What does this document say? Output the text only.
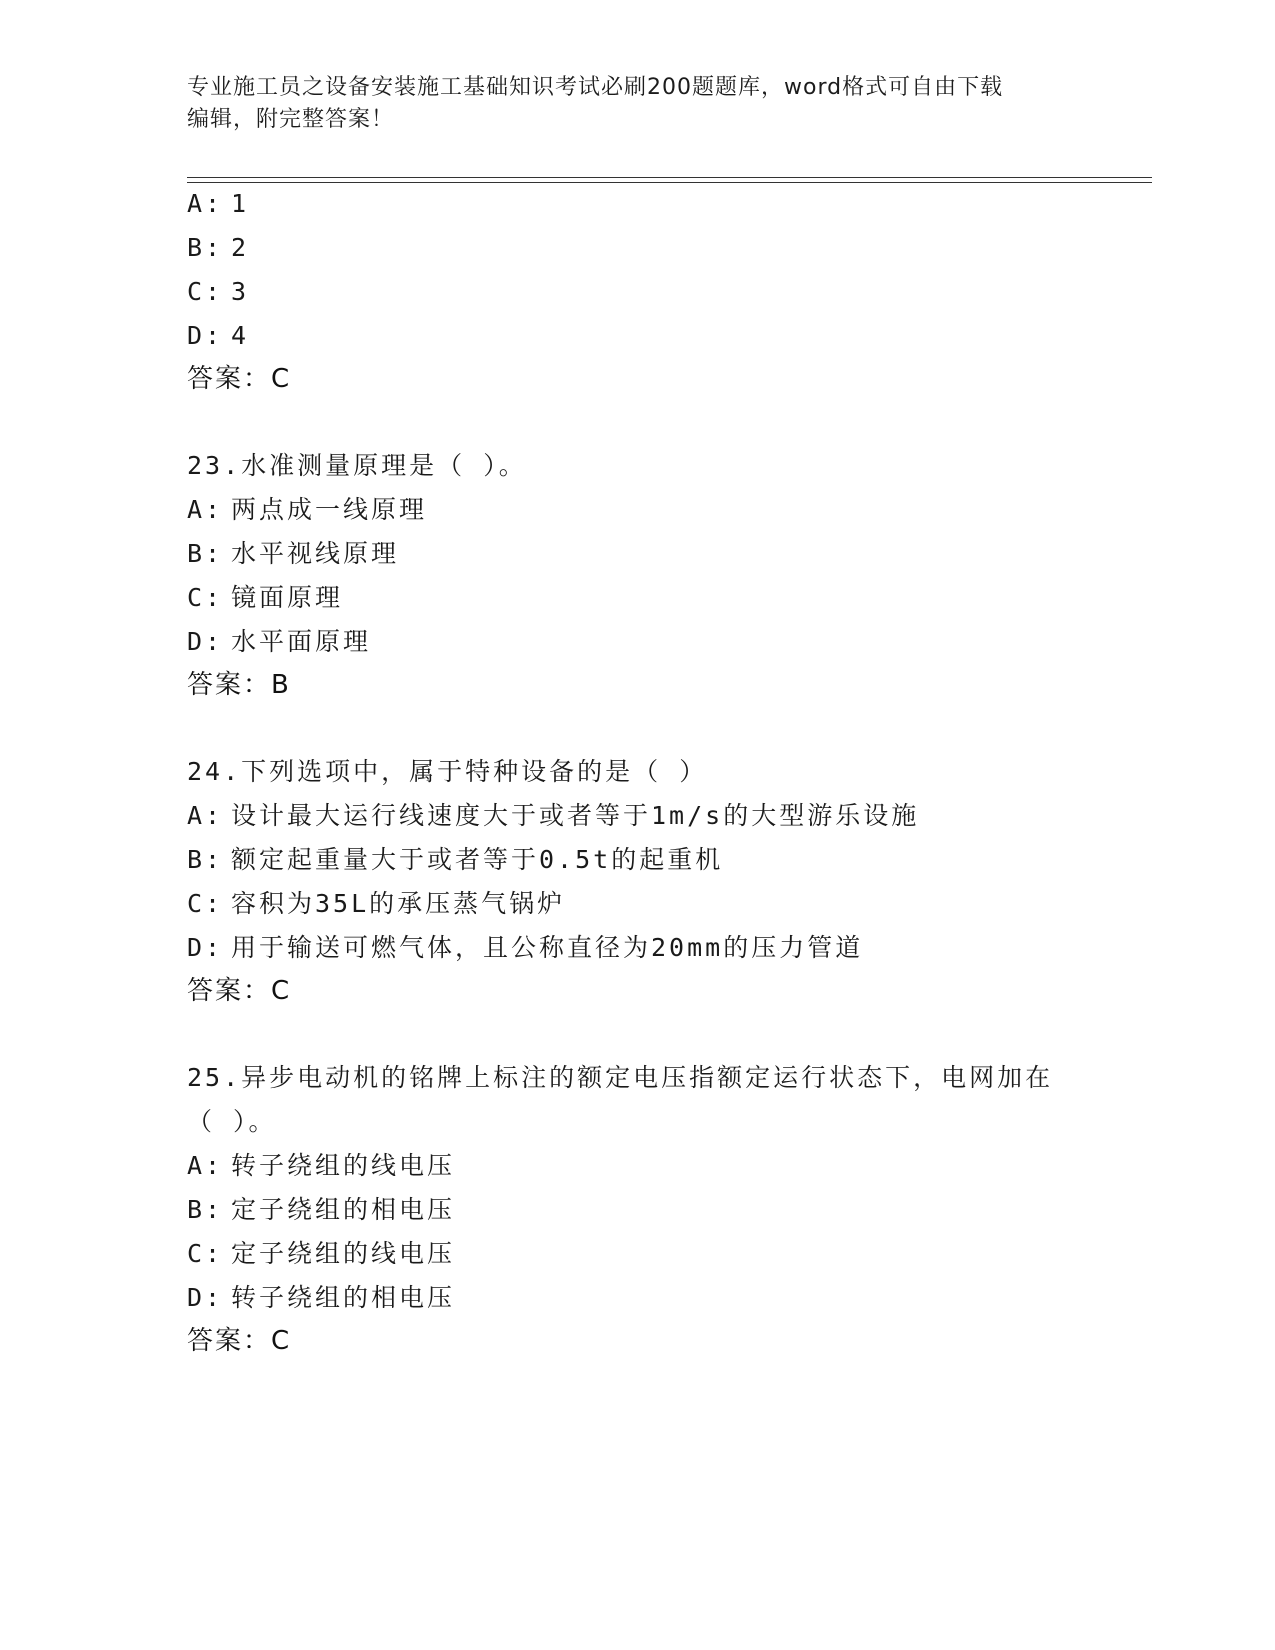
专业施工员之设备安装施工基础知识考试必刷200题题库，word格式可自由下载
编辑，附完整答案！
A: 1
B: 2
C: 3
D: 4
答案：C
23.水准测量原理是（ ）。
A: 两点成一线原理
B: 水平视线原理
C: 镜面原理
D: 水平面原理
答案：B
24.下列选项中，属于特种设备的是（ ）
A: 设计最大运行线速度大于或者等于1m/s的大型游乐设施
B: 额定起重量大于或者等于0.5t的起重机
C: 容积为35L的承压蒸气锅炉
D: 用于输送可燃气体，且公称直径为20mm的压力管道
答案：C
25.异步电动机的铭牌上标注的额定电压指额定运行状态下，电网加在
（ ）。
A: 转子绕组的线电压
B: 定子绕组的相电压
C: 定子绕组的线电压
D: 转子绕组的相电压
答案：C
